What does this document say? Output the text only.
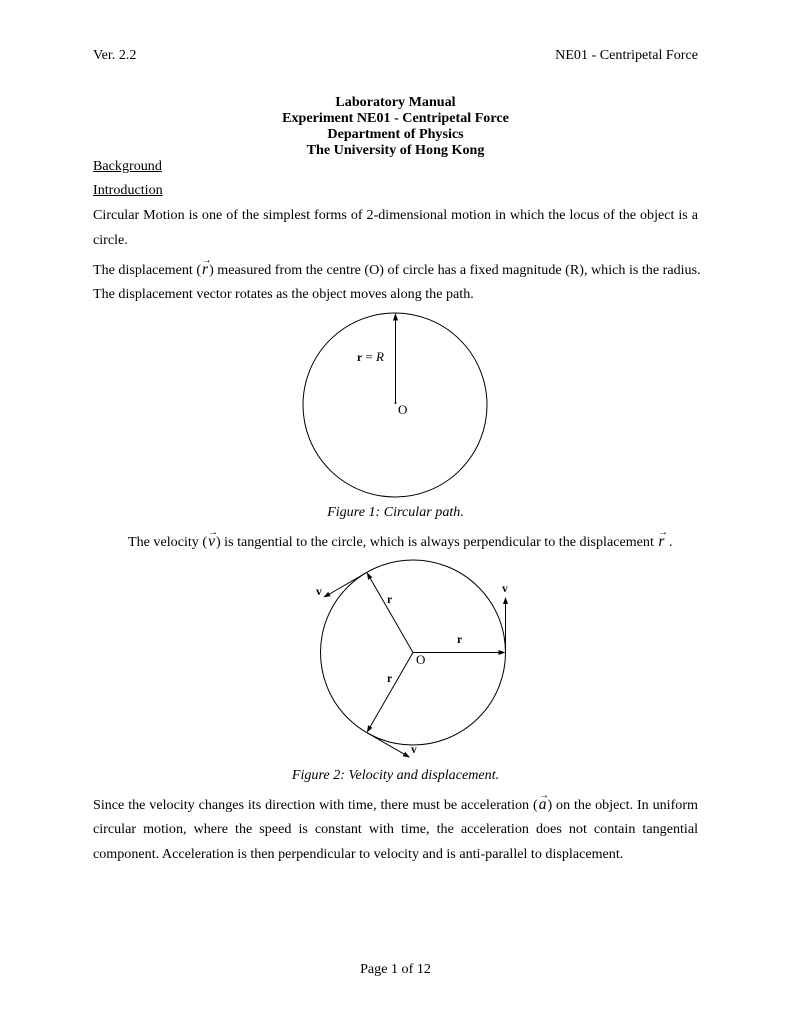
Ver. 2.2	NE01 - Centripetal Force
Laboratory Manual
Experiment NE01 - Centripetal Force
Department of Physics
The University of Hong Kong
Background
Introduction
Circular Motion is one of the simplest forms of 2-dimensional motion in which the locus of the object is a
circle.
The displacement (→ r) measured from the centre (O) of circle has a fixed magnitude (R), which is the radius.
The displacement vector rotates as the object moves along the path.
r = R
O
Figure 1: Circular path.
The velocity (→ v) is tangential to the circle, which is always perpendicular to the displacement → r .
r
r
r
v	v
v
O
Figure 2: Velocity and displacement.
Since the velocity changes its direction with time, there must be acceleration (→ a) on the object. In uniform
circular motion, where the speed is constant with time, the acceleration does not contain tangential
component. Acceleration is then perpendicular to velocity and is anti-parallel to displacement.
Page 1 of 12
